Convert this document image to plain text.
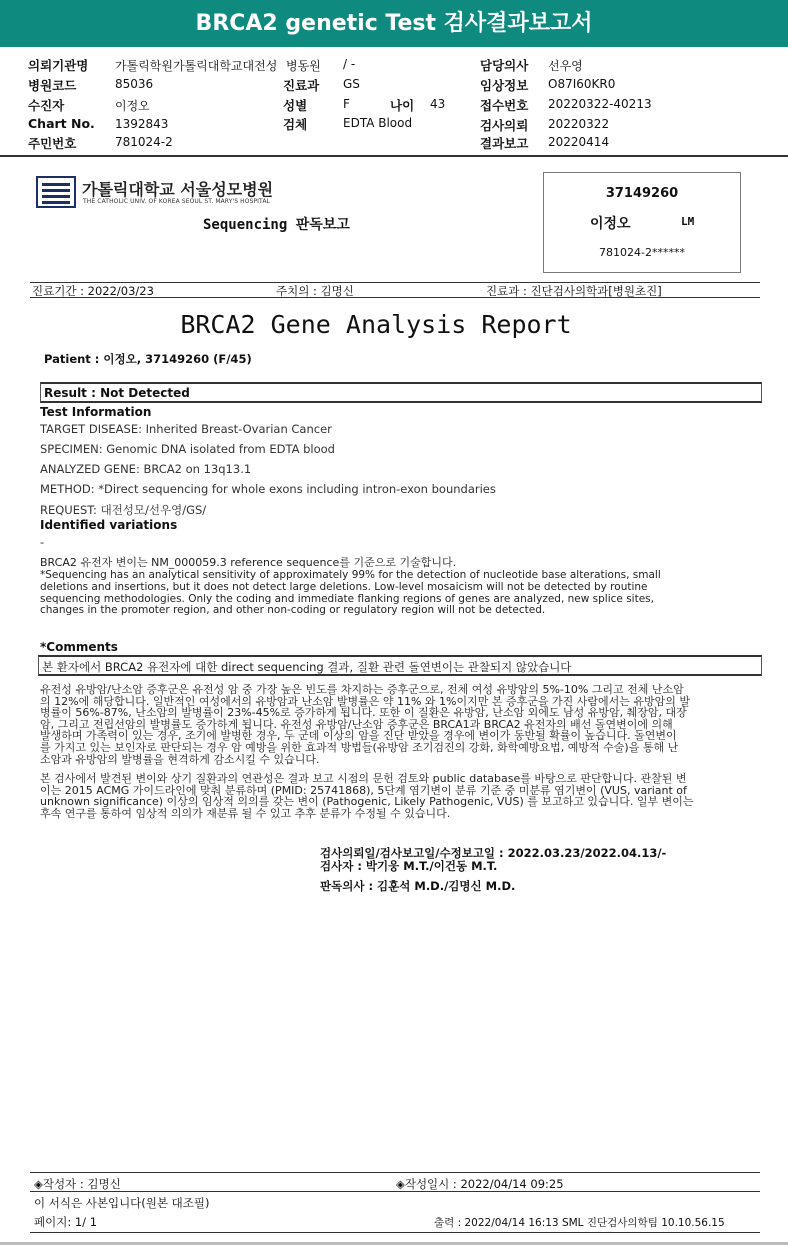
BRCA2 genetic Test 검사결과보고서
의뢰기관명 가톨릭학원가톨릭대학교대전성 병동원 / -	담당의사 선우영
병원코드	85036	진료과 GS	임상정보 O87I60KR0
수진자	이정오	성별	F	나이 43	접수번호 20220322-40213
Chart No. 1392843	검체	EDTA Blood	검사의뢰 20220322
주민번호	781024-2	결과보고 20220414
가톨릭대학교 서울성모병원
THE CATHOLIC UNIV. OF KOREA SEOUL ST. MARY'S HOSPITAL
Sequencing 판독보고
37149260
이정오	LM
781024-2******
진료기간 : 2022/03/23	주치의 : 김명신	진료과 : 진단검사의학과[병원초진]
BRCA2 Gene Analysis Report
Patient : 이정오, 37149260 (F/45)
Result : Not Detected
Test Information
TARGET DISEASE: Inherited Breast-Ovarian Cancer
SPECIMEN: Genomic DNA isolated from EDTA blood
ANALYZED GENE: BRCA2 on 13q13.1
METHOD: *Direct sequencing for whole exons including intron-exon boundaries
REQUEST: 대전성모/선우영/GS/
Identified variations
-
BRCA2 유전자 변이는 NM_000059.3 reference sequence를 기준으로 기술합니다.
*Sequencing has an analytical sensitivity of approximately 99% for the detection of nucleotide base alterations, small
deletions and insertions, but it does not detect large deletions. Low-level mosaicism will not be detected by routine
sequencing methodologies. Only the coding and immediate flanking regions of genes are analyzed, new splice sites,
changes in the promoter region, and other non-coding or regulatory region will not be detected.
*Comments
본 환자에서 BRCA2 유전자에 대한 direct sequencing 결과, 질환 관련 돌연변이는 관찰되지 않았습니다
유전성 유방암/난소암 증후군은 유전성 암 중 가장 높은 빈도를 차지하는 증후군으로, 전체 여성 유방암의 5%-10% 그리고 전체 난소암
의 12%에 해당합니다. 일반적인 여성에서의 유방암과 난소암 발병률은 약 11% 와 1%이지만 본 증후군을 가진 사람에서는 유방암의 발
병률이 56%-87%, 난소암의 발병률이 23%-45%로 증가하게 됩니다. 또한 이 질환은 유방암, 난소암 외에도 남성 유방암, 췌장암, 대장
암, 그리고 전립선암의 발병률도 증가하게 됩니다. 유전성 유방암/난소암 증후군은 BRCA1과 BRCA2 유전자의 배선 돌연변이에 의해
발생하며 가족력이 있는 경우, 조기에 발병한 경우, 두 군데 이상의 암을 진단 받았을 경우에 변이가 동반될 확률이 높습니다. 돌연변이
를 가지고 있는 보인자로 판단되는 경우 암 예방을 위한 효과적 방법들(유방암 조기검진의 강화, 화학예방요법, 예방적 수술)을 통해 난
소암과 유방암의 발병률을 현격하게 감소시킬 수 있습니다.
본 검사에서 발견된 변이와 상기 질환과의 연관성은 결과 보고 시점의 문헌 검토와 public database를 바탕으로 판단합니다. 관찰된 변
이는 2015 ACMG 가이드라인에 맞춰 분류하며 (PMID: 25741868), 5단계 염기변이 분류 기준 중 미분류 염기변이 (VUS, variant of
unknown significance) 이상의 임상적 의의를 갖는 변이 (Pathogenic, Likely Pathogenic, VUS) 를 보고하고 있습니다. 일부 변이는
후속 연구를 통하여 임상적 의의가 재분류 될 수 있고 추후 분류가 수정될 수 있습니다.
검사의뢰일/검사보고일/수정보고일 : 2022.03.23/2022.04.13/-
검사자 : 박기웅 M.T./이건동 M.T.
판독의사 : 김훈석 M.D./김명신 M.D.
◈작성자 : 김명신	◈작성일시 : 2022/04/14 09:25
이 서식은 사본입니다(원본 대조필)
페이지: 1/ 1	출력 : 2022/04/14 16:13 SML 진단검사의학팀 10.10.56.15
